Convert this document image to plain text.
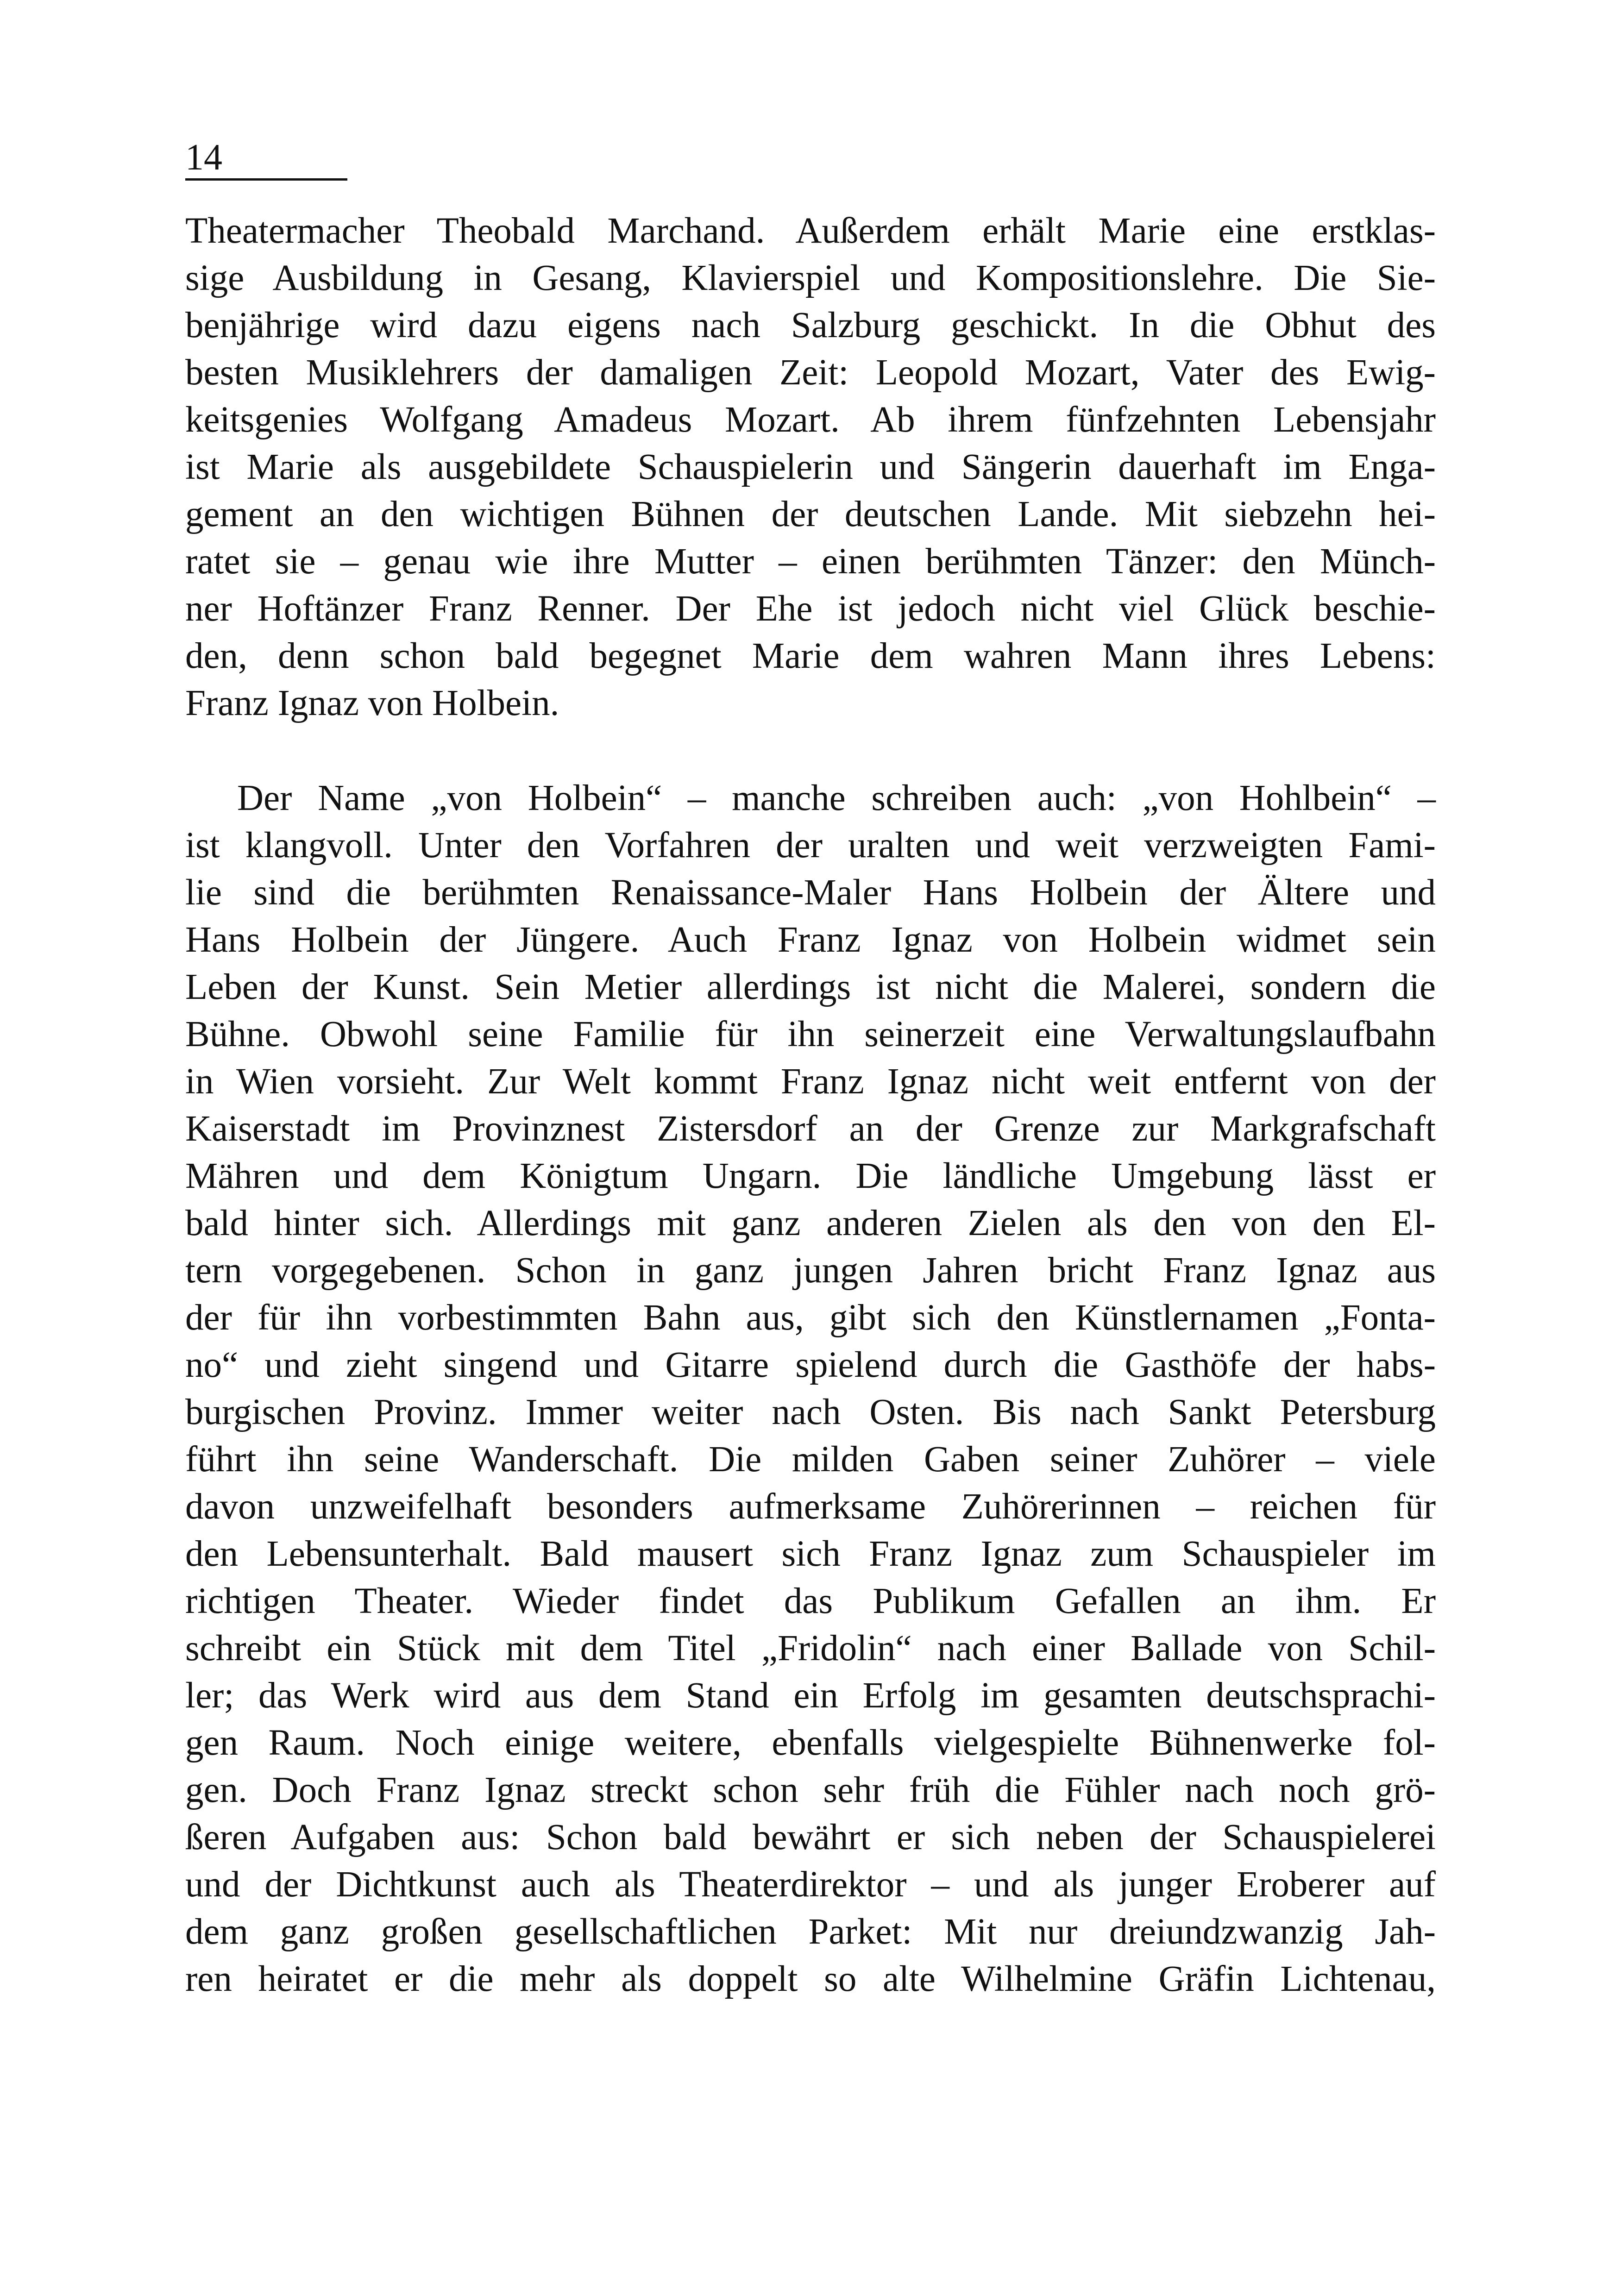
14
Theatermacher Theobald Marchand. Außerdem erhält Marie eine erstklas-
sige Ausbildung in Gesang, Klavierspiel und Kompositionslehre. Die Sie-
benjährige wird dazu eigens nach Salzburg geschickt. In die Obhut des
besten Musiklehrers der damaligen Zeit: Leopold Mozart, Vater des Ewig-
keitsgenies Wolfgang Amadeus Mozart. Ab ihrem fünfzehnten Lebensjahr
ist Marie als ausgebildete Schauspielerin und Sängerin dauerhaft im Enga-
gement an den wichtigen Bühnen der deutschen Lande. Mit siebzehn hei-
ratet sie – genau wie ihre Mutter – einen berühmten Tänzer: den Münch-
ner Hoftänzer Franz Renner. Der Ehe ist jedoch nicht viel Glück beschie-
den, denn schon bald begegnet Marie dem wahren Mann ihres Lebens:
Franz Ignaz von Holbein.
Der Name „von Holbein“ – manche schreiben auch: „von Hohlbein“ –
ist klangvoll. Unter den Vorfahren der uralten und weit verzweigten Fami-
lie sind die berühmten Renaissance-Maler Hans Holbein der Ältere und
Hans Holbein der Jüngere. Auch Franz Ignaz von Holbein widmet sein
Leben der Kunst. Sein Metier allerdings ist nicht die Malerei, sondern die
Bühne. Obwohl seine Familie für ihn seinerzeit eine Verwaltungslaufbahn
in Wien vorsieht. Zur Welt kommt Franz Ignaz nicht weit entfernt von der
Kaiserstadt im Provinznest Zistersdorf an der Grenze zur Markgrafschaft
Mähren und dem Königtum Ungarn. Die ländliche Umgebung lässt er
bald hinter sich. Allerdings mit ganz anderen Zielen als den von den El-
tern vorgegebenen. Schon in ganz jungen Jahren bricht Franz Ignaz aus
der für ihn vorbestimmten Bahn aus, gibt sich den Künstlernamen „Fonta-
no“ und zieht singend und Gitarre spielend durch die Gasthöfe der habs-
burgischen Provinz. Immer weiter nach Osten. Bis nach Sankt Petersburg
führt ihn seine Wanderschaft. Die milden Gaben seiner Zuhörer – viele
davon unzweifelhaft besonders aufmerksame Zuhörerinnen – reichen für
den Lebensunterhalt. Bald mausert sich Franz Ignaz zum Schauspieler im
richtigen Theater. Wieder findet das Publikum Gefallen an ihm. Er
schreibt ein Stück mit dem Titel „Fridolin“ nach einer Ballade von Schil-
ler; das Werk wird aus dem Stand ein Erfolg im gesamten deutschsprachi-
gen Raum. Noch einige weitere, ebenfalls vielgespielte Bühnenwerke fol-
gen. Doch Franz Ignaz streckt schon sehr früh die Fühler nach noch grö-
ßeren Aufgaben aus: Schon bald bewährt er sich neben der Schauspielerei
und der Dichtkunst auch als Theaterdirektor – und als junger Eroberer auf
dem ganz großen gesellschaftlichen Parket: Mit nur dreiundzwanzig Jah-
ren heiratet er die mehr als doppelt so alte Wilhelmine Gräfin Lichtenau,
